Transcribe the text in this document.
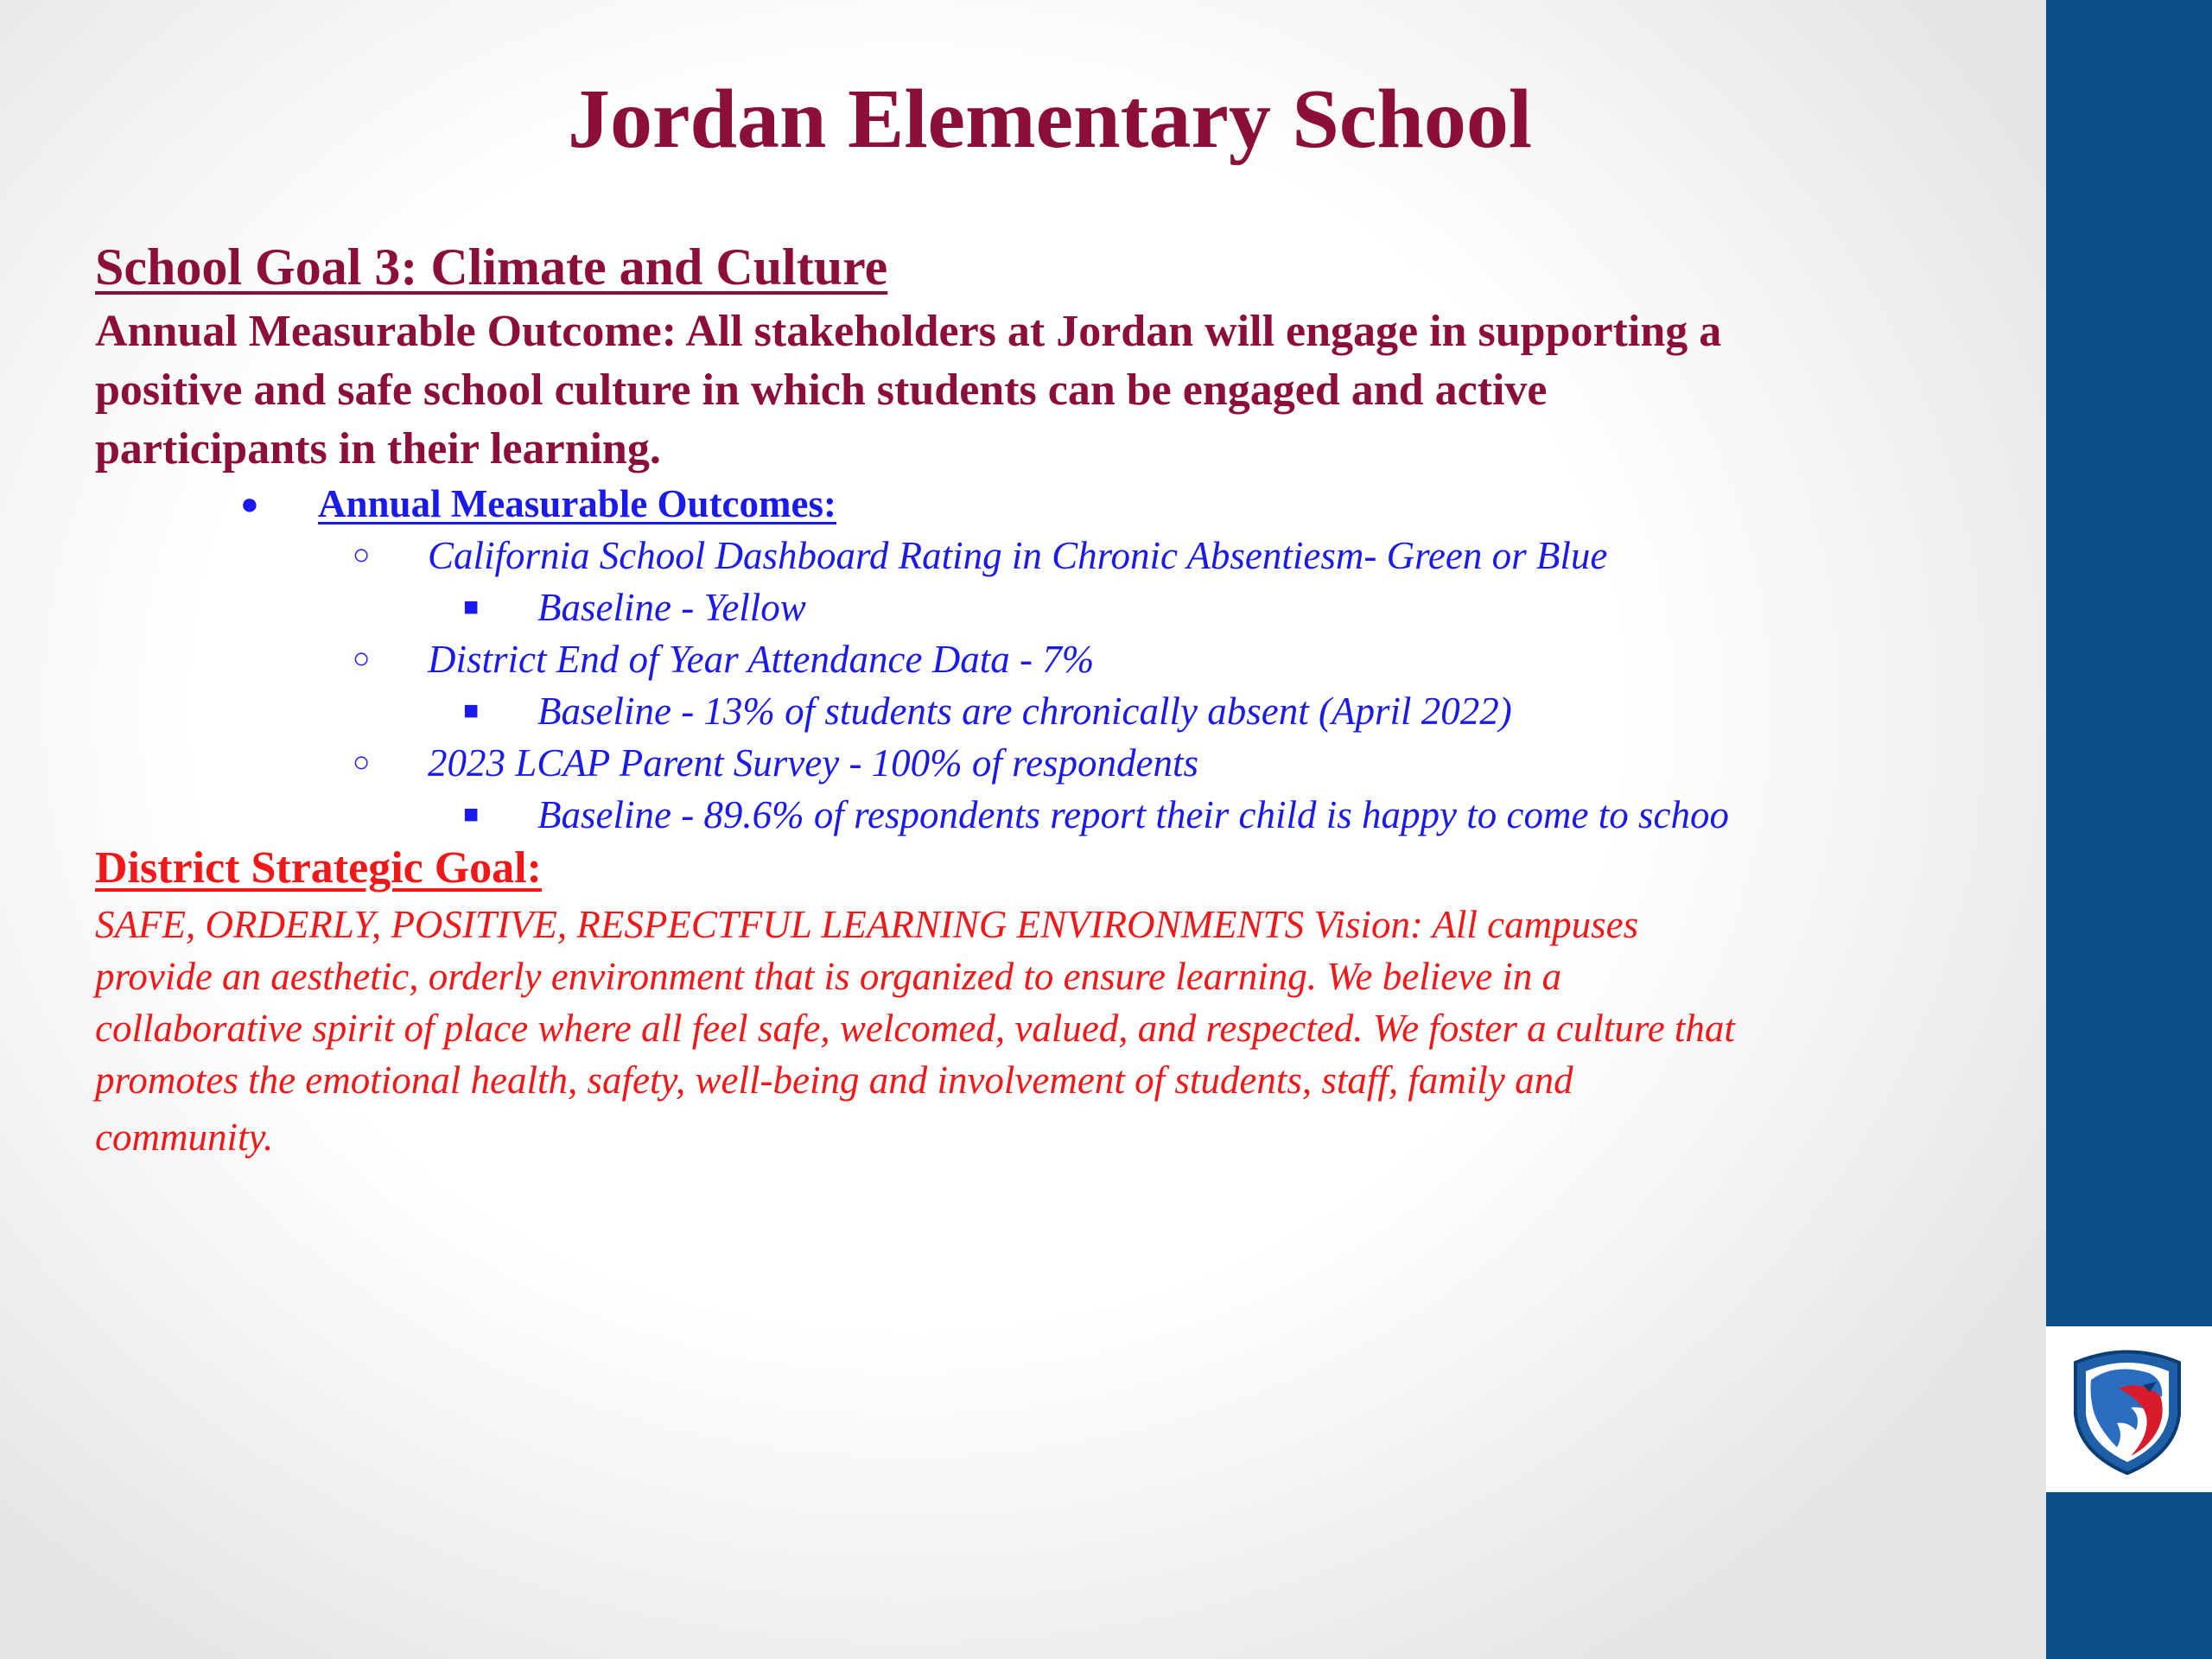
Jordan Elementary School
School Goal 3: Climate and Culture

Annual Measurable Outcome: All stakeholders at Jordan will engage in supporting a
positive and safe school culture in which students can be engaged and active
participants in their learning.

● Annual Measurable Outcomes:
○ California School Dashboard Rating in Chronic Absentiesm- Green or Blue
■ Baseline - Yellow
○ District End of Year Attendance Data - 7%
■ Baseline - 13% of students are chronically absent (April 2022)
○ 2023 LCAP Parent Survey - 100% of respondents
■ Baseline - 89.6% of respondents report their child is happy to come to schoo
District Strategic Goal:

SAFE, ORDERLY, POSITIVE, RESPECTFUL LEARNING ENVIRONMENTS Vision: All campuses
provide an aesthetic, orderly environment that is organized to ensure learning. We believe in a
collaborative spirit of place where all feel safe, welcomed, valued, and respected. We foster a culture that
promotes the emotional health, safety, well-being and involvement of students, staff, family and
community.
